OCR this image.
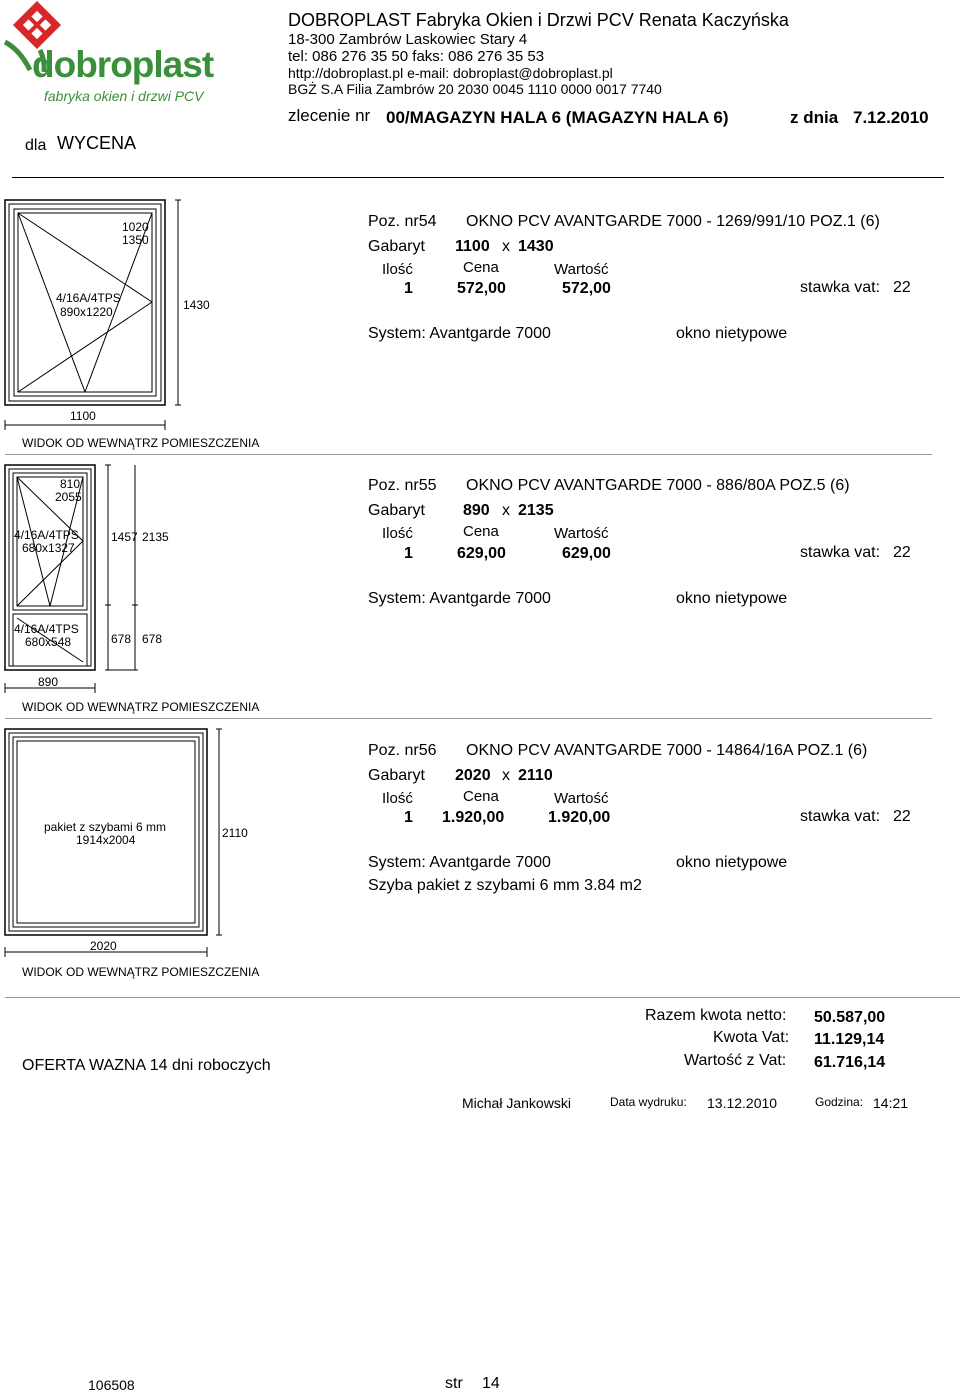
dobroplast
fabryka okien i drzwi PCV
DOBROPLAST Fabryka Okien i Drzwi PCV Renata Kaczyńska
18-300 Zambrów Laskowiec Stary 4
tel: 086 276 35 50 faks: 086 276 35 53
http://dobroplast.pl e-mail: dobroplast@dobroplast.pl
BGŻ S.A Filia Zambrów 20 2030 0045 1110 0000 0017 7740
zlecenie nr 00/MAGAZYN HALA 6 (MAGAZYN HALA 6)	z dnia 7.12.2010
dla WYCENA
1020
1350
4/16A/4TPS
890x1220	1430
1100
WIDOK OD WEWNĄTRZ POMIESZCZENIA
Poz. nr54 OKNO PCV AVANTGARDE 7000 - 1269/991/10 POZ.1 (6)
Gabaryt 1100 x 1430
Ilość	Cena	Wartość
1	572,00	572,00	stawka vat: 22
System: Avantgarde 7000	okno nietypowe
810
2055
4/16A/4TPS
680x1327
1457 2135
4/16A/4TPS
680x548	678 678
890
WIDOK OD WEWNĄTRZ POMIESZCZENIA
Poz. nr55 OKNO PCV AVANTGARDE 7000 - 886/80A POZ.5 (6)
Gabaryt 890 x 2135
Ilość	Cena	Wartość
1	629,00	629,00	stawka vat: 22
System: Avantgarde 7000	okno nietypowe
pakiet z szybami 6 mm
1914x2004	2110
2020
WIDOK OD WEWNĄTRZ POMIESZCZENIA
Poz. nr56 OKNO PCV AVANTGARDE 7000 - 14864/16A POZ.1 (6)
Gabaryt 2020 x 2110
Ilość	Cena	Wartość
1 1.920,00	1.920,00	stawka vat: 22
System: Avantgarde 7000	okno nietypowe
Szyba pakiet z szybami 6 mm 3.84 m2
Razem kwota netto: 50.587,00
Kwota Vat: 11.129,14
Wartość z Vat: 61.716,14
OFERTA WAZNA 14 dni roboczych
Michał Jankowski	Data wydruku: 13.12.2010	Godzina: 14:21
106508	str 14
